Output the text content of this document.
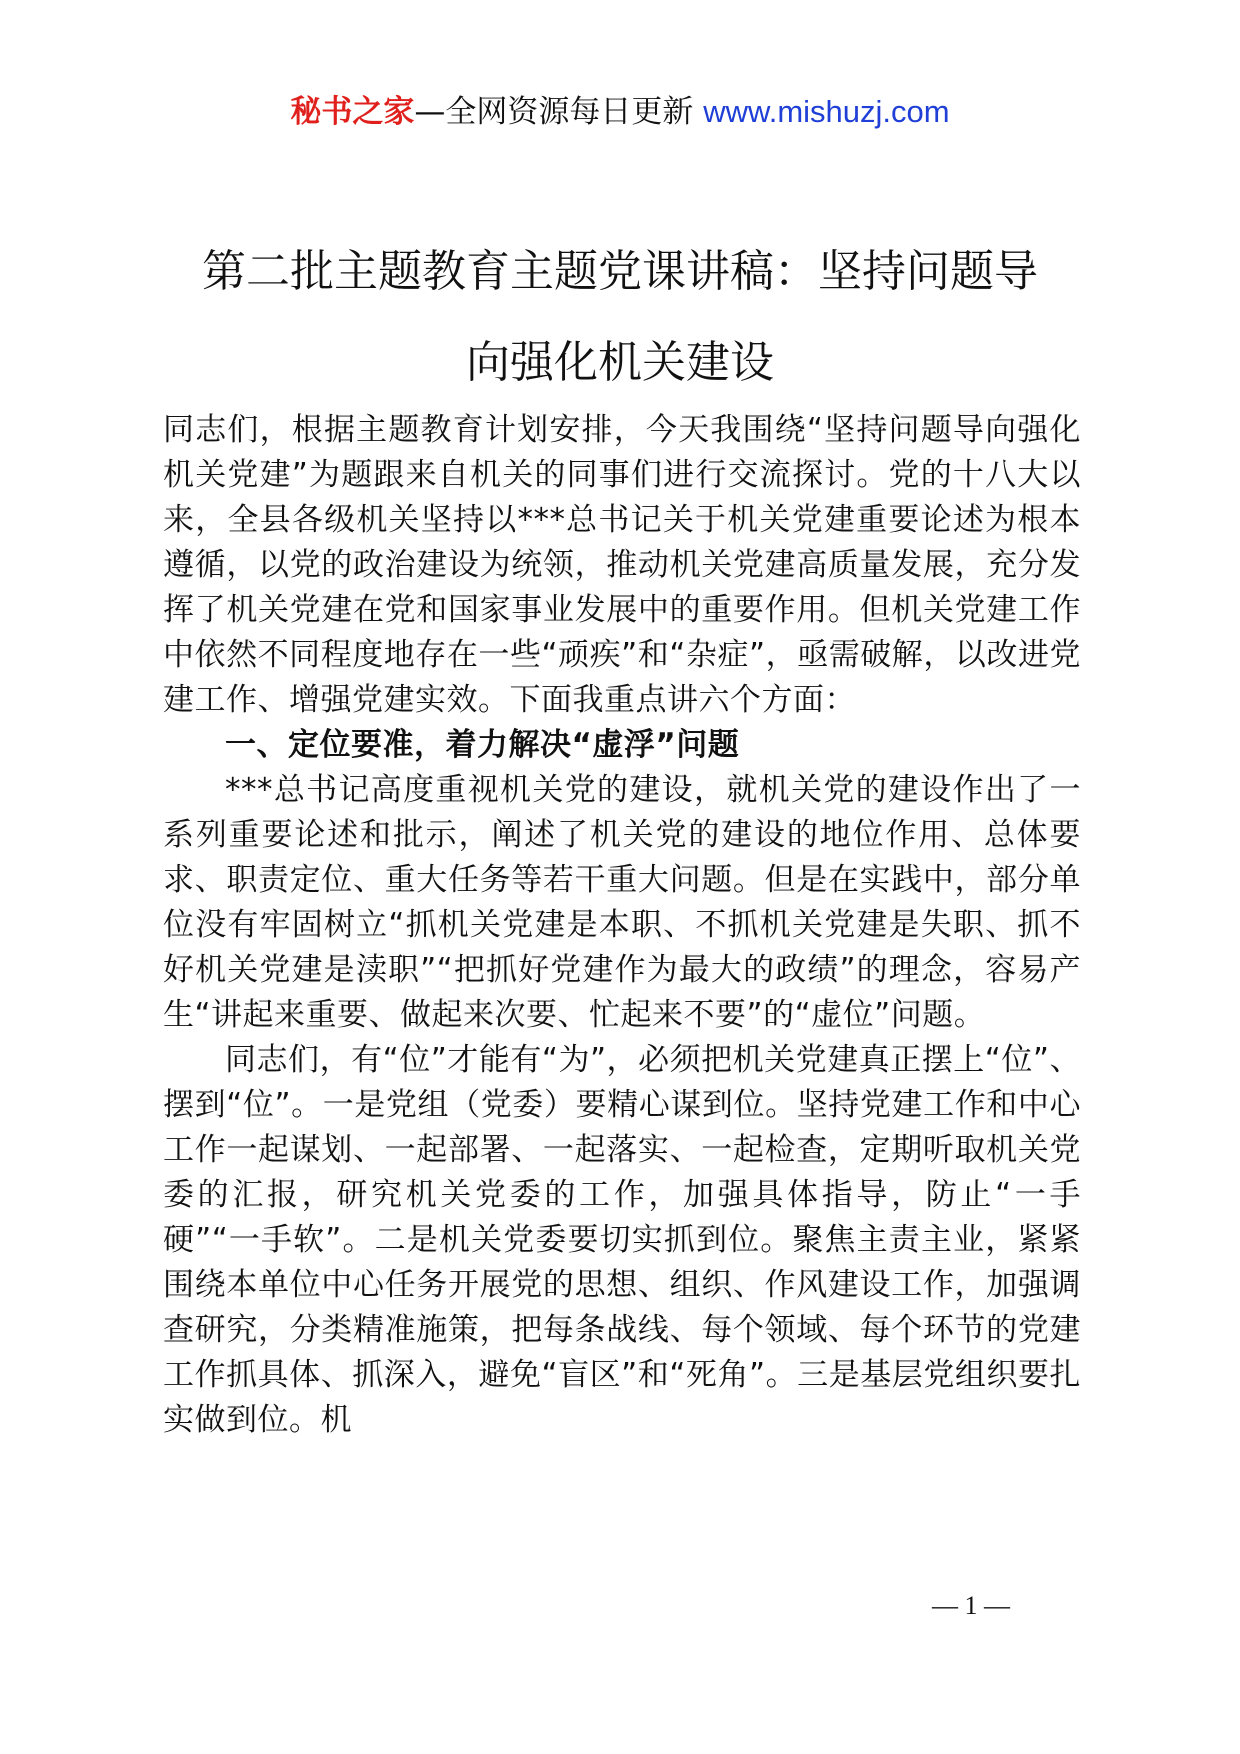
秘书之家—全网资源每日更新 www.mishuzj.com
第二批主题教育主题党课讲稿：坚持问题导
向强化机关建设

同志们，根据主题教育计划安排，今天我围绕“坚持问题导向强化机关党建”为题跟来自机关的同事们进行交流探讨。党的十八大以来，全县各级机关坚持以***总书记关于机关党建重要论述为根本遵循，以党的政治建设为统领，推动机关党建高质量发展，充分发挥了机关党建在党和国家事业发展中的重要作用。但机关党建工作中依然不同程度地存在一些“顽疾”和“杂症”，亟需破解，以改进党建工作、增强党建实效。下面我重点讲六个方面：

一、定位要准，着力解决“虚浮”问题

***总书记高度重视机关党的建设，就机关党的建设作出了一系列重要论述和批示，阐述了机关党的建设的地位作用、总体要求、职责定位、重大任务等若干重大问题。但是在实践中，部分单位没有牢固树立“抓机关党建是本职、不抓机关党建是失职、抓不好机关党建是渎职”“把抓好党建作为最大的政绩”的理念，容易产生“讲起来重要、做起来次要、忙起来不要”的“虚位”问题。

同志们，有“位”才能有“为”，必须把机关党建真正摆上“位”、摆到“位”。一是党组（党委）要精心谋到位。坚持党建工作和中心工作一起谋划、一起部署、一起落实、一起检查，定期听取机关党委的汇报，研究机关党委的工作，加强具体指导，防止“一手硬”“一手软”。二是机关党委要切实抓到位。聚焦主责主业，紧紧围绕本单位中心任务开展党的思想、组织、作风建设工作，加强调查研究，分类精准施策，把每条战线、每个领域、每个环节的党建工作抓具体、抓深入，避免“盲区”和“死角”。三是基层党组织要扎实做到位。机

— 1 —
